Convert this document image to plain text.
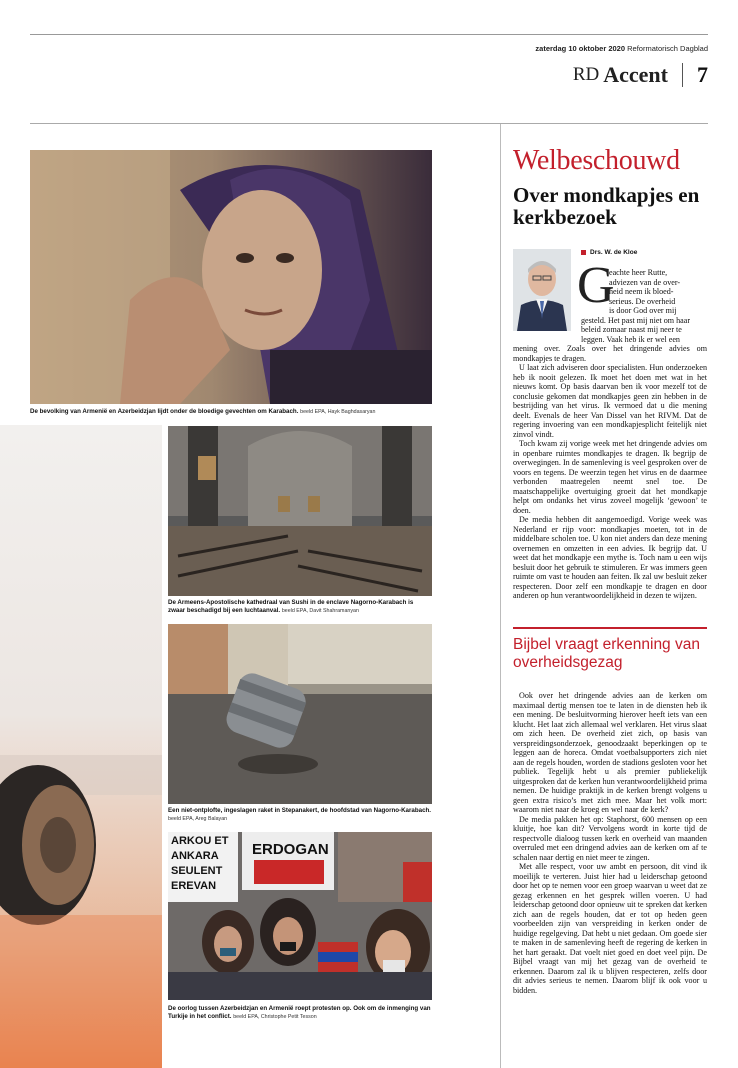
zaterdag 10 oktober 2020 Reformatorisch Dagblad
RD Accent 7
De bevolking van Armenië en Azerbeidzjan lijdt onder de bloedige gevechten om Karabach. beeld EPA, Hayk Baghdasaryan
De Armeens-Apostolische kathedraal van Sushi in de enclave Nagorno-Karabach is zwaar beschadigd bij een luchtaanval. beeld EPA, Davit Shahramanyan
Een niet-ontplofte, ingeslagen raket in Stepanakert, de hoofdstad van Nagorno-Karabach. beeld EPA, Areg Balayan
ARKOU ET
ANKARA
SEULENT
EREVAN
ERDOGAN
De oorlog tussen Azerbeidzjan en Armenië roept protesten op. Ook om de inmenging van Turkije in het conflict. beeld EPA, Christophe Petit Tesson
Welbeschouwd
Over mondkapjes en kerkbezoek
Drs. W. de Kloe
G
eachte heer Rutte,
adviezen van de over-
heid neem ik bloed-
serieus. De overheid
is door God over mij
gesteld. Het past mij niet om haar
beleid zomaar naast mij neer te
leggen. Vaak heb ik er wel een

mening over. Zoals over het dringende advies om mondkapjes te dragen.

U laat zich adviseren door specialisten. Hun onderzoeken heb ik nooit gelezen. Ik moet het doen met wat in het nieuws komt. Op basis daarvan ben ik voor mezelf tot de conclusie gekomen dat mondkapjes geen zin hebben in de bestrijding van het virus. Ik vermoed dat u die mening deelt. Evenals de heer Van Dissel van het RIVM. Dat de regering invoering van een mondkapjesplicht feitelijk niet zinvol vindt.

Toch kwam zij vorige week met het dringende advies om in openbare ruimtes mondkapjes te dragen. Ik begrijp de overwegingen. In de samenleving is veel gesproken over de voors en tegens. De weerzin tegen het virus en de daarmee verbonden maatregelen neemt snel toe. De maatschappelijke overtuiging groeit dat het mondkapje helpt om ondanks het virus zoveel mogelijk ‘gewoon’ te doen.

De media hebben dit aangemoedigd. Vorige week was Nederland er rijp voor: mondkapjes moeten, tot in de middelbare scholen toe. U kon niet anders dan deze mening overnemen en omzetten in een advies. Ik begrijp dat. U weet dat het mondkapje een mythe is. Toch nam u een wijs besluit door het gebruik te stimuleren. Er was immers geen ruimte om vast te houden aan feiten. Ik zal uw besluit zeker respecteren. Door zelf een mondkapje te dragen en door anderen op hun verantwoordelijkheid in dezen te wijzen.

Bijbel vraagt erkenning van overheidsgezag

Ook over het dringende advies aan de kerken om maximaal dertig mensen toe te laten in de diensten heb ik een mening. De besluitvorming hierover heeft iets van een klucht. Het laat zich allemaal wel verklaren. Het virus slaat om zich heen. De overheid ziet zich, op basis van verspreidingsonderzoek, genoodzaakt beperkingen op te leggen aan de horeca. Omdat voetbalsupporters zich niet aan de regels houden, worden de stadions gesloten voor het publiek. Tegelijk hebt u als premier publiekelijk uitgesproken dat de kerken hun verantwoordelijkheid prima nemen. De huidige praktijk in de kerken brengt volgens u geen extra risico’s met zich mee. Maar het volk mort: waarom niet naar de kroeg en wel naar de kerk?

De media pakken het op: Staphorst, 600 mensen op een kluitje, hoe kan dit? Vervolgens wordt in korte tijd de respectvolle dialoog tussen kerk en overheid van maanden overruled met een dringend advies aan de kerken om af te schalen naar dertig en niet meer te zingen.

Met alle respect, voor uw ambt en persoon, dit vind ik moeilijk te verteren. Juist hier had u leiderschap getoond door het op te nemen voor een groep waarvan u weet dat ze gezag erkennen en het gesprek willen voeren. U had leiderschap getoond door opnieuw uit te spreken dat kerken zich aan de regels houden, dat er tot op heden geen voorbeelden zijn van verspreiding in kerken onder de huidige regelgeving. Dat hebt u niet gedaan. Om goede sier te maken in de samenleving heeft de regering de kerken in het hart geraakt. Dat voelt niet goed en doet veel pijn. De Bijbel vraagt van mij het gezag van de overheid te erkennen. Daarom zal ik u blijven respecteren, zelfs door dit advies serieus te nemen. Daarom blijf ik ook voor u bidden.
